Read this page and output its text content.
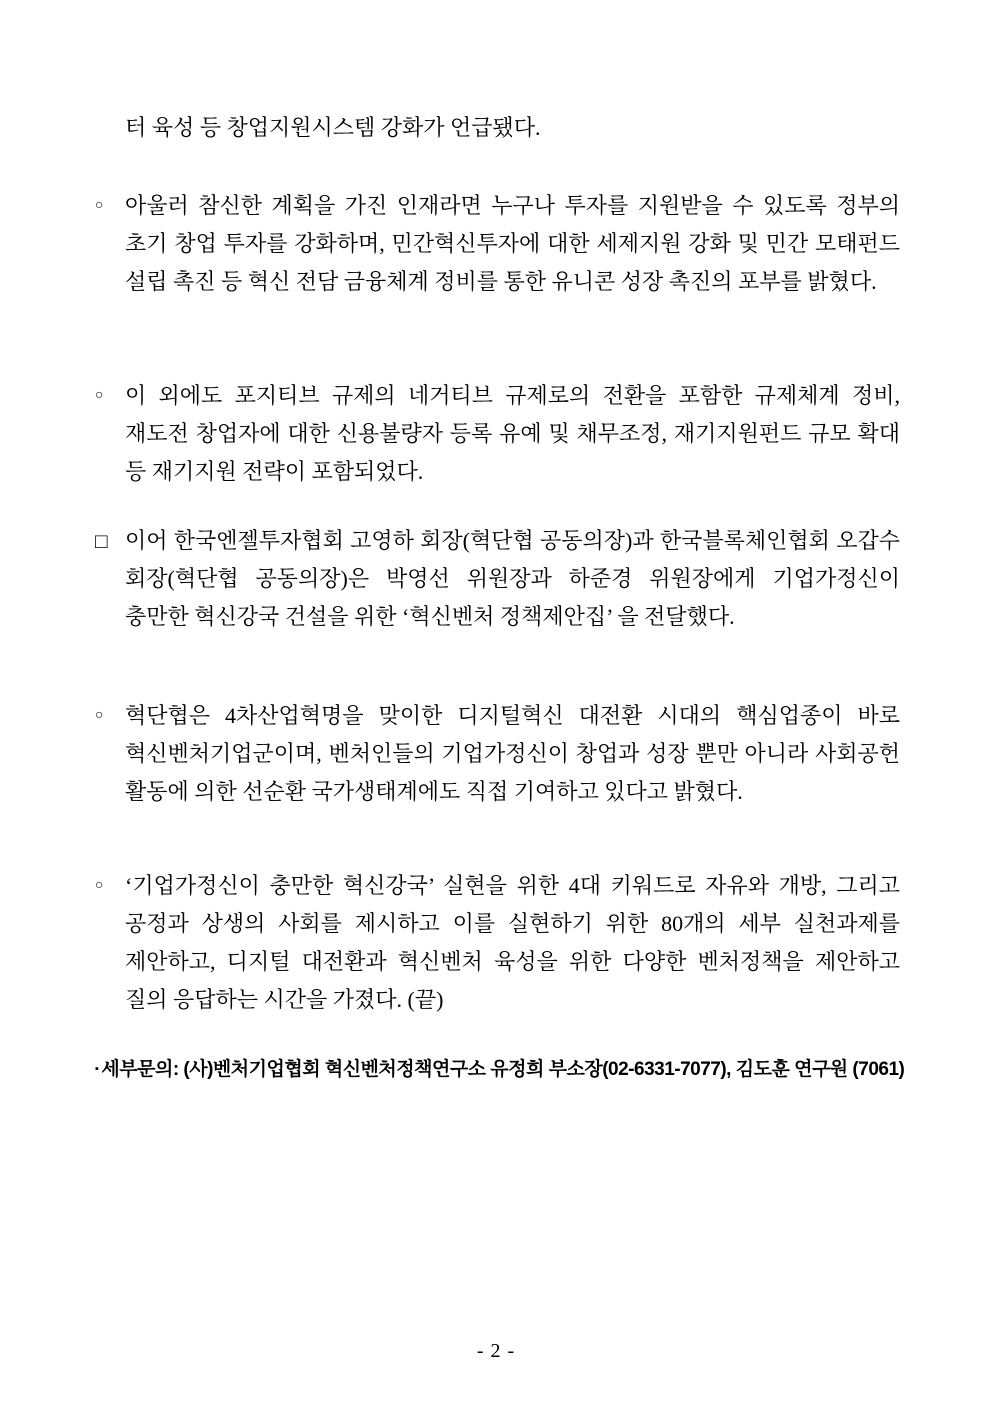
터 육성 등 창업지원시스템 강화가 언급됐다.
○ 아울러 참신한 계획을 가진 인재라면 누구나 투자를 지원받을 수 있도록 정부의 초기 창업 투자를 강화하며, 민간혁신투자에 대한 세제지원 강화 및 민간 모태펀드 설립 촉진 등 혁신 전담 금융체계 정비를 통한 유니콘 성장 촉진의 포부를 밝혔다.
○ 이 외에도 포지티브 규제의 네거티브 규제로의 전환을 포함한 규제체계 정비, 재도전 창업자에 대한 신용불량자 등록 유예 및 채무조정, 재기지원펀드 규모 확대 등 재기지원 전략이 포함되었다.
□ 이어 한국엔젤투자협회 고영하 회장(혁단협 공동의장)과 한국블록체인협회 오갑수 회장(혁단협 공동의장)은 박영선 위원장과 하준경 위원장에게 기업가정신이 충만한 혁신강국 건설을 위한 ‘혁신벤처 정책제안집’ 을 전달했다.
○ 혁단협은 4차산업혁명을 맞이한 디지털혁신 대전환 시대의 핵심업종이 바로 혁신벤처기업군이며, 벤처인들의 기업가정신이 창업과 성장 뿐만 아니라 사회공헌 활동에 의한 선순환 국가생태계에도 직접 기여하고 있다고 밝혔다.
○ ‘기업가정신이 충만한 혁신강국’ 실현을 위한 4대 키워드로 자유와 개방, 그리고 공정과 상생의 사회를 제시하고 이를 실현하기 위한 80개의 세부 실천과제를 제안하고, 디지털 대전환과 혁신벤처 육성을 위한 다양한 벤처정책을 제안하고 질의 응답하는 시간을 가졌다. (끝)
▪ 세부문의: (사)벤처기업협회 혁신벤처정책연구소 유정희 부소장(02-6331-7077), 김도훈 연구원 (7061)
- 2 -
